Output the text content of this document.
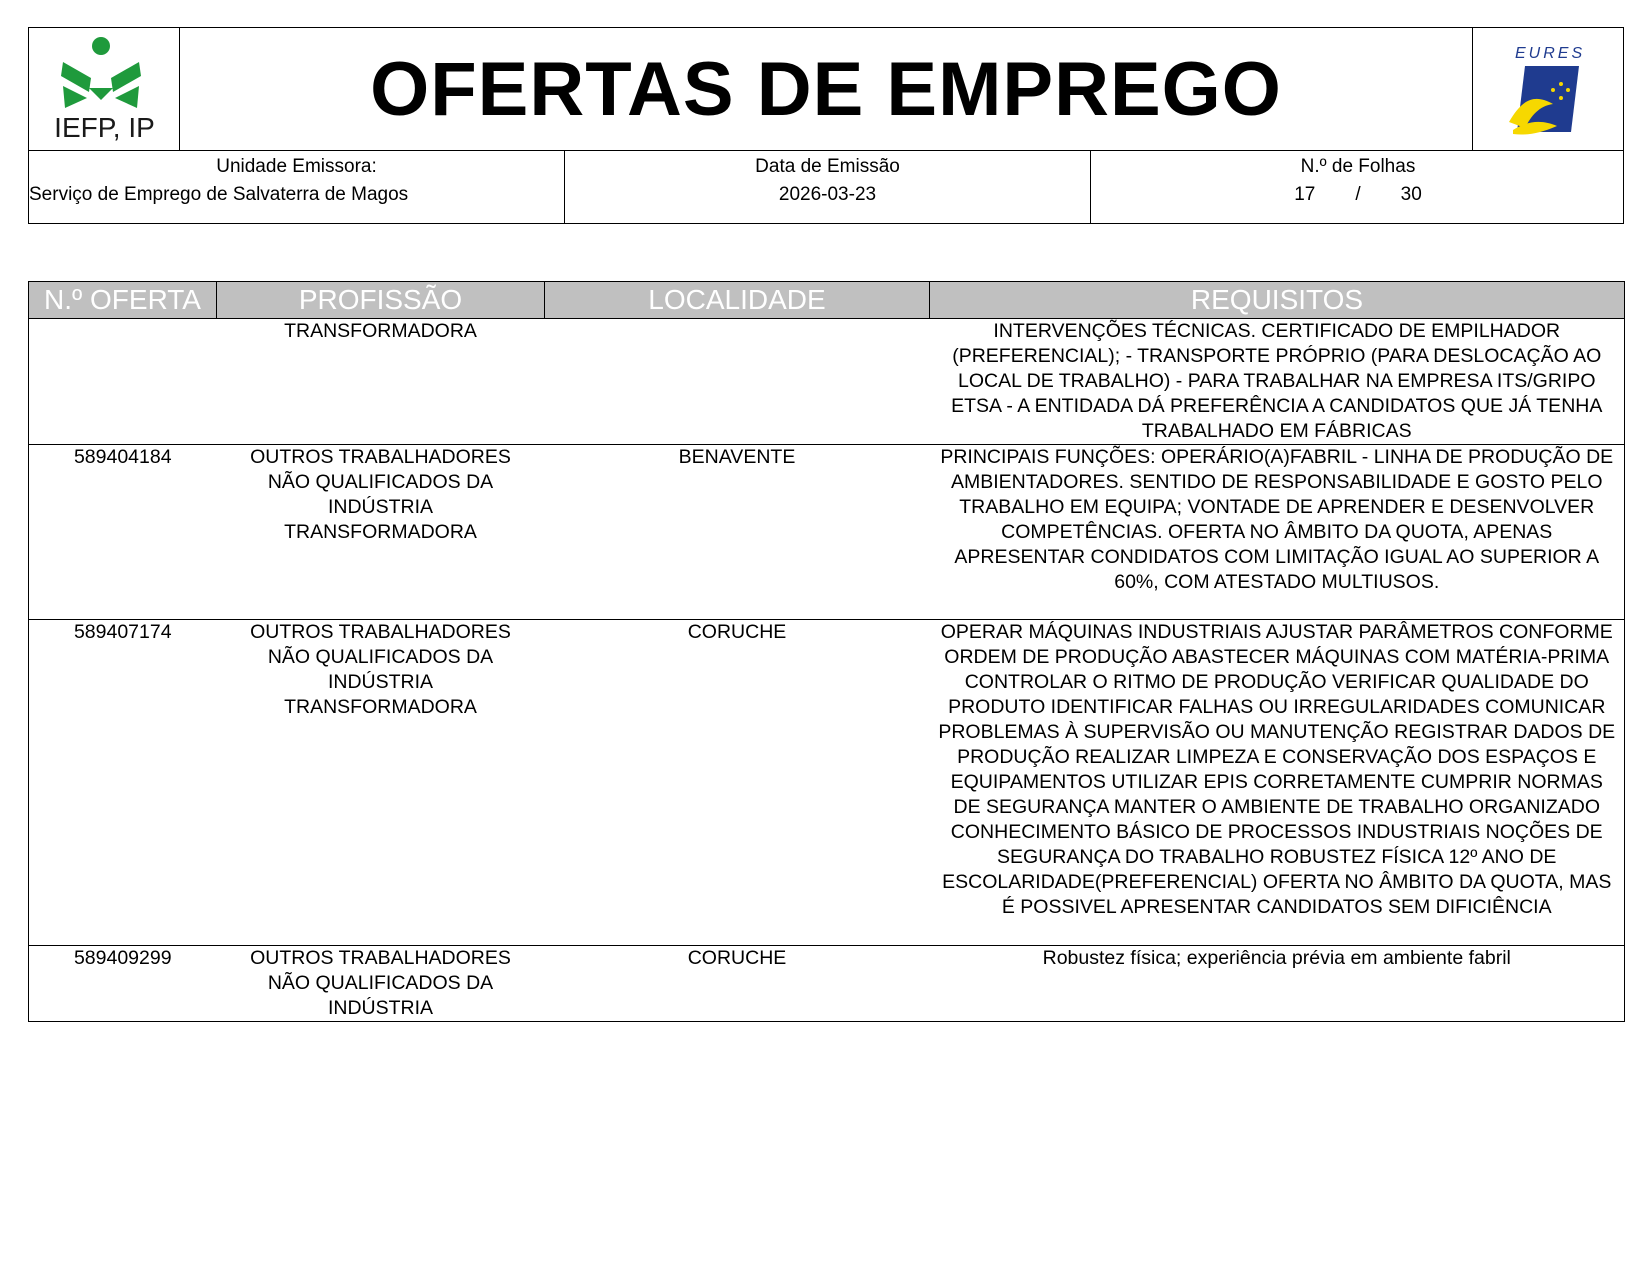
IEFP, IP	OFERTAS DE EMPREGO	EURES
Unidade Emissora:
Serviço de Emprego de Salvaterra de Magos
Data de Emissão
2026-03-23
N.º de Folhas
17 / 30
N.º OFERTA	PROFISSÃO	LOCALIDADE	REQUISITOS
	TRANSFORMADORA		INTERVENÇÕES TÉCNICAS. CERTIFICADO DE EMPILHADOR (PREFERENCIAL); - TRANSPORTE PRÓPRIO (PARA DESLOCAÇÃO AO LOCAL DE TRABALHO) - PARA TRABALHAR NA EMPRESA ITS/GRIPO ETSA - A ENTIDADA DÁ PREFERÊNCIA A CANDIDATOS QUE JÁ TENHA TRABALHADO EM FÁBRICAS
589404184	OUTROS TRABALHADORES NÃO QUALIFICADOS DA INDÚSTRIA TRANSFORMADORA	BENAVENTE	PRINCIPAIS FUNÇÕES: OPERÁRIO(A)FABRIL - LINHA DE PRODUÇÃO DE AMBIENTADORES. SENTIDO DE RESPONSABILIDADE E GOSTO PELO TRABALHO EM EQUIPA; VONTADE DE APRENDER E DESENVOLVER COMPETÊNCIAS. OFERTA NO ÂMBITO DA QUOTA, APENAS APRESENTAR CONDIDATOS COM LIMITAÇÃO IGUAL AO SUPERIOR A 60%, COM ATESTADO MULTIUSOS.
589407174	OUTROS TRABALHADORES NÃO QUALIFICADOS DA INDÚSTRIA TRANSFORMADORA	CORUCHE	OPERAR MÁQUINAS INDUSTRIAIS AJUSTAR PARÂMETROS CONFORME ORDEM DE PRODUÇÃO ABASTECER MÁQUINAS COM MATÉRIA-PRIMA CONTROLAR O RITMO DE PRODUÇÃO VERIFICAR QUALIDADE DO PRODUTO IDENTIFICAR FALHAS OU IRREGULARIDADES COMUNICAR PROBLEMAS À SUPERVISÃO OU MANUTENÇÃO REGISTRAR DADOS DE PRODUÇÃO REALIZAR LIMPEZA E CONSERVAÇÃO DOS ESPAÇOS E EQUIPAMENTOS UTILIZAR EPIS CORRETAMENTE CUMPRIR NORMAS DE SEGURANÇA MANTER O AMBIENTE DE TRABALHO ORGANIZADO CONHECIMENTO BÁSICO DE PROCESSOS INDUSTRIAIS NOÇÕES DE SEGURANÇA DO TRABALHO ROBUSTEZ FÍSICA 12º ANO DE ESCOLARIDADE(PREFERENCIAL) OFERTA NO ÂMBITO DA QUOTA, MAS É POSSIVEL APRESENTAR CANDIDATOS SEM DIFICIÊNCIA
589409299	OUTROS TRABALHADORES NÃO QUALIFICADOS DA INDÚSTRIA	CORUCHE	Robustez física; experiência prévia em ambiente fabril
